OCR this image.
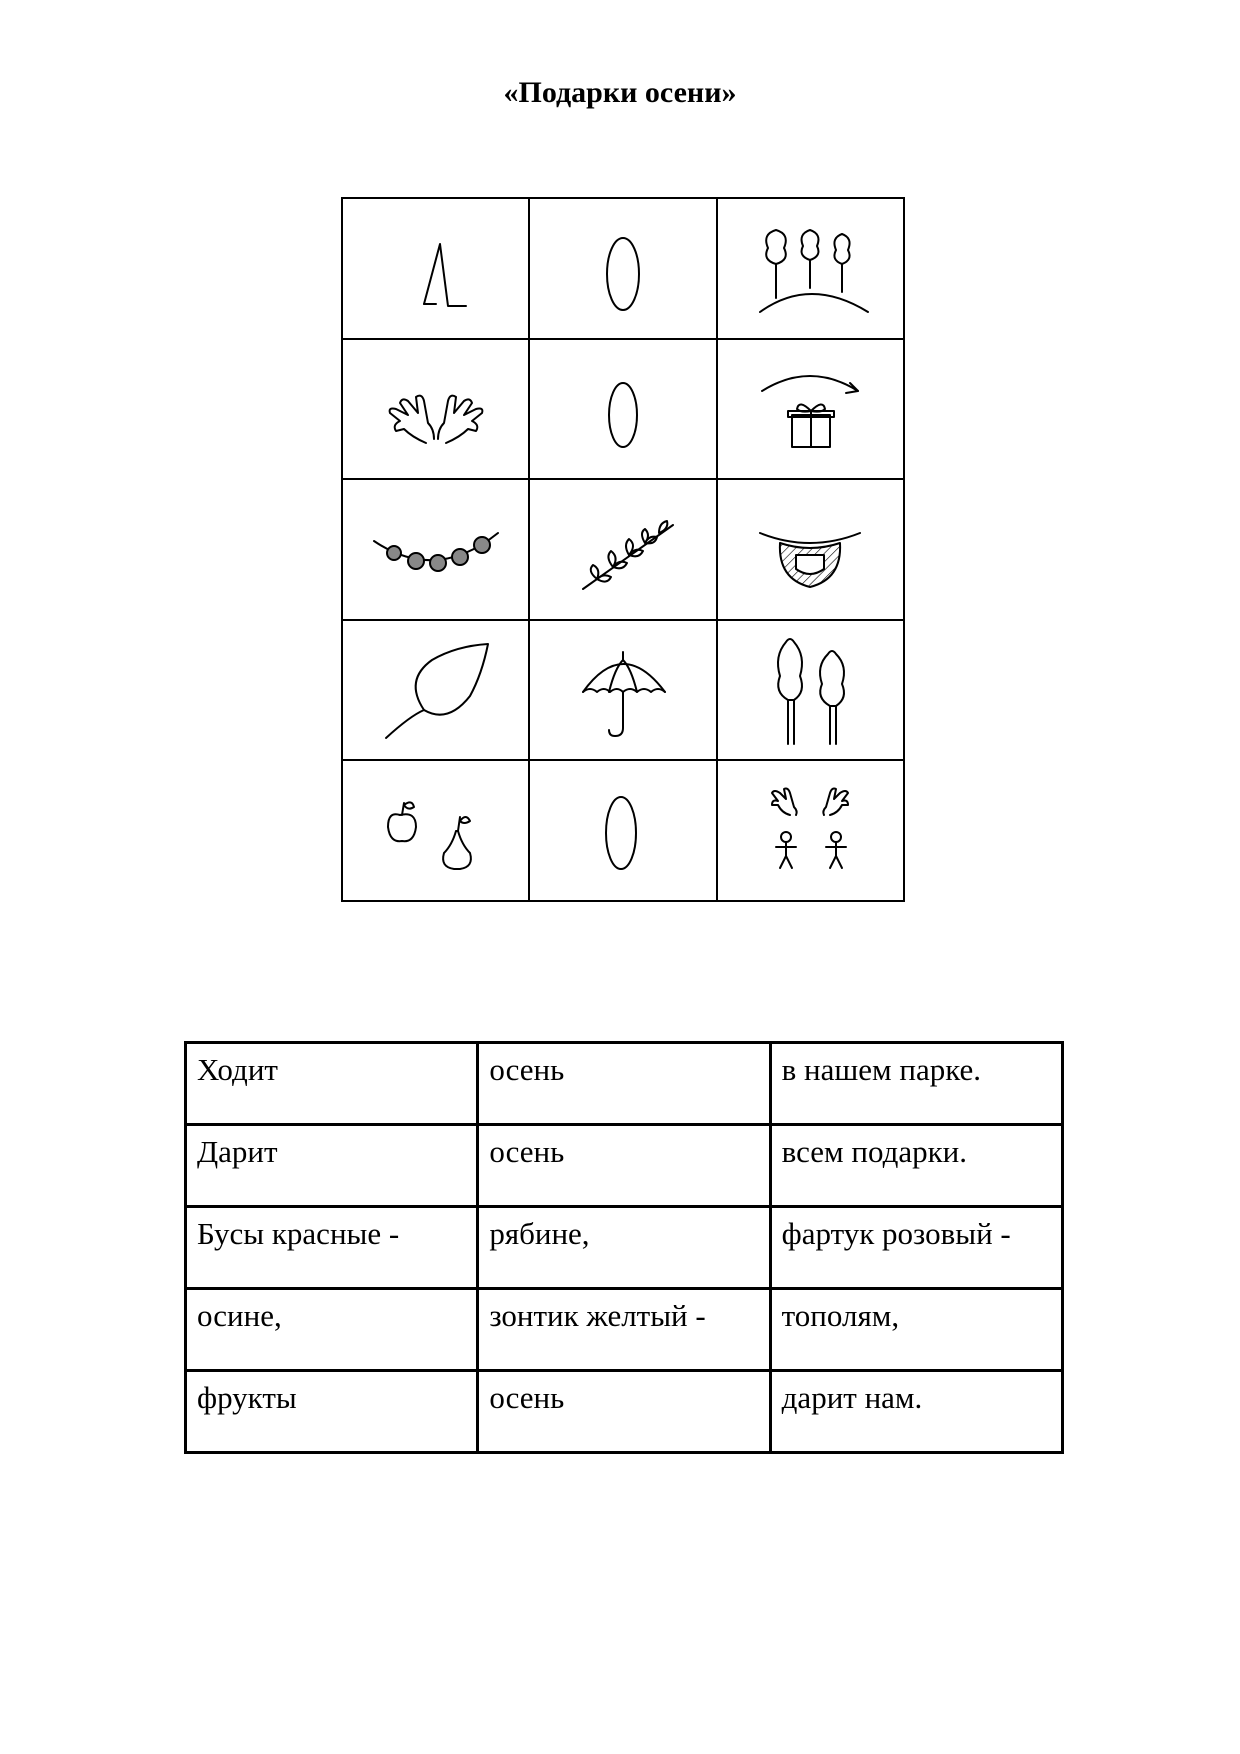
«Подарки осени»

Ходит	осень	в нашем парке.
Дарит	осень	всем подарки.
Бусы красные -	рябине,	фартук розовый -
осине,	зонтик желтый -	тополям,
фрукты	осень	дарит нам.
